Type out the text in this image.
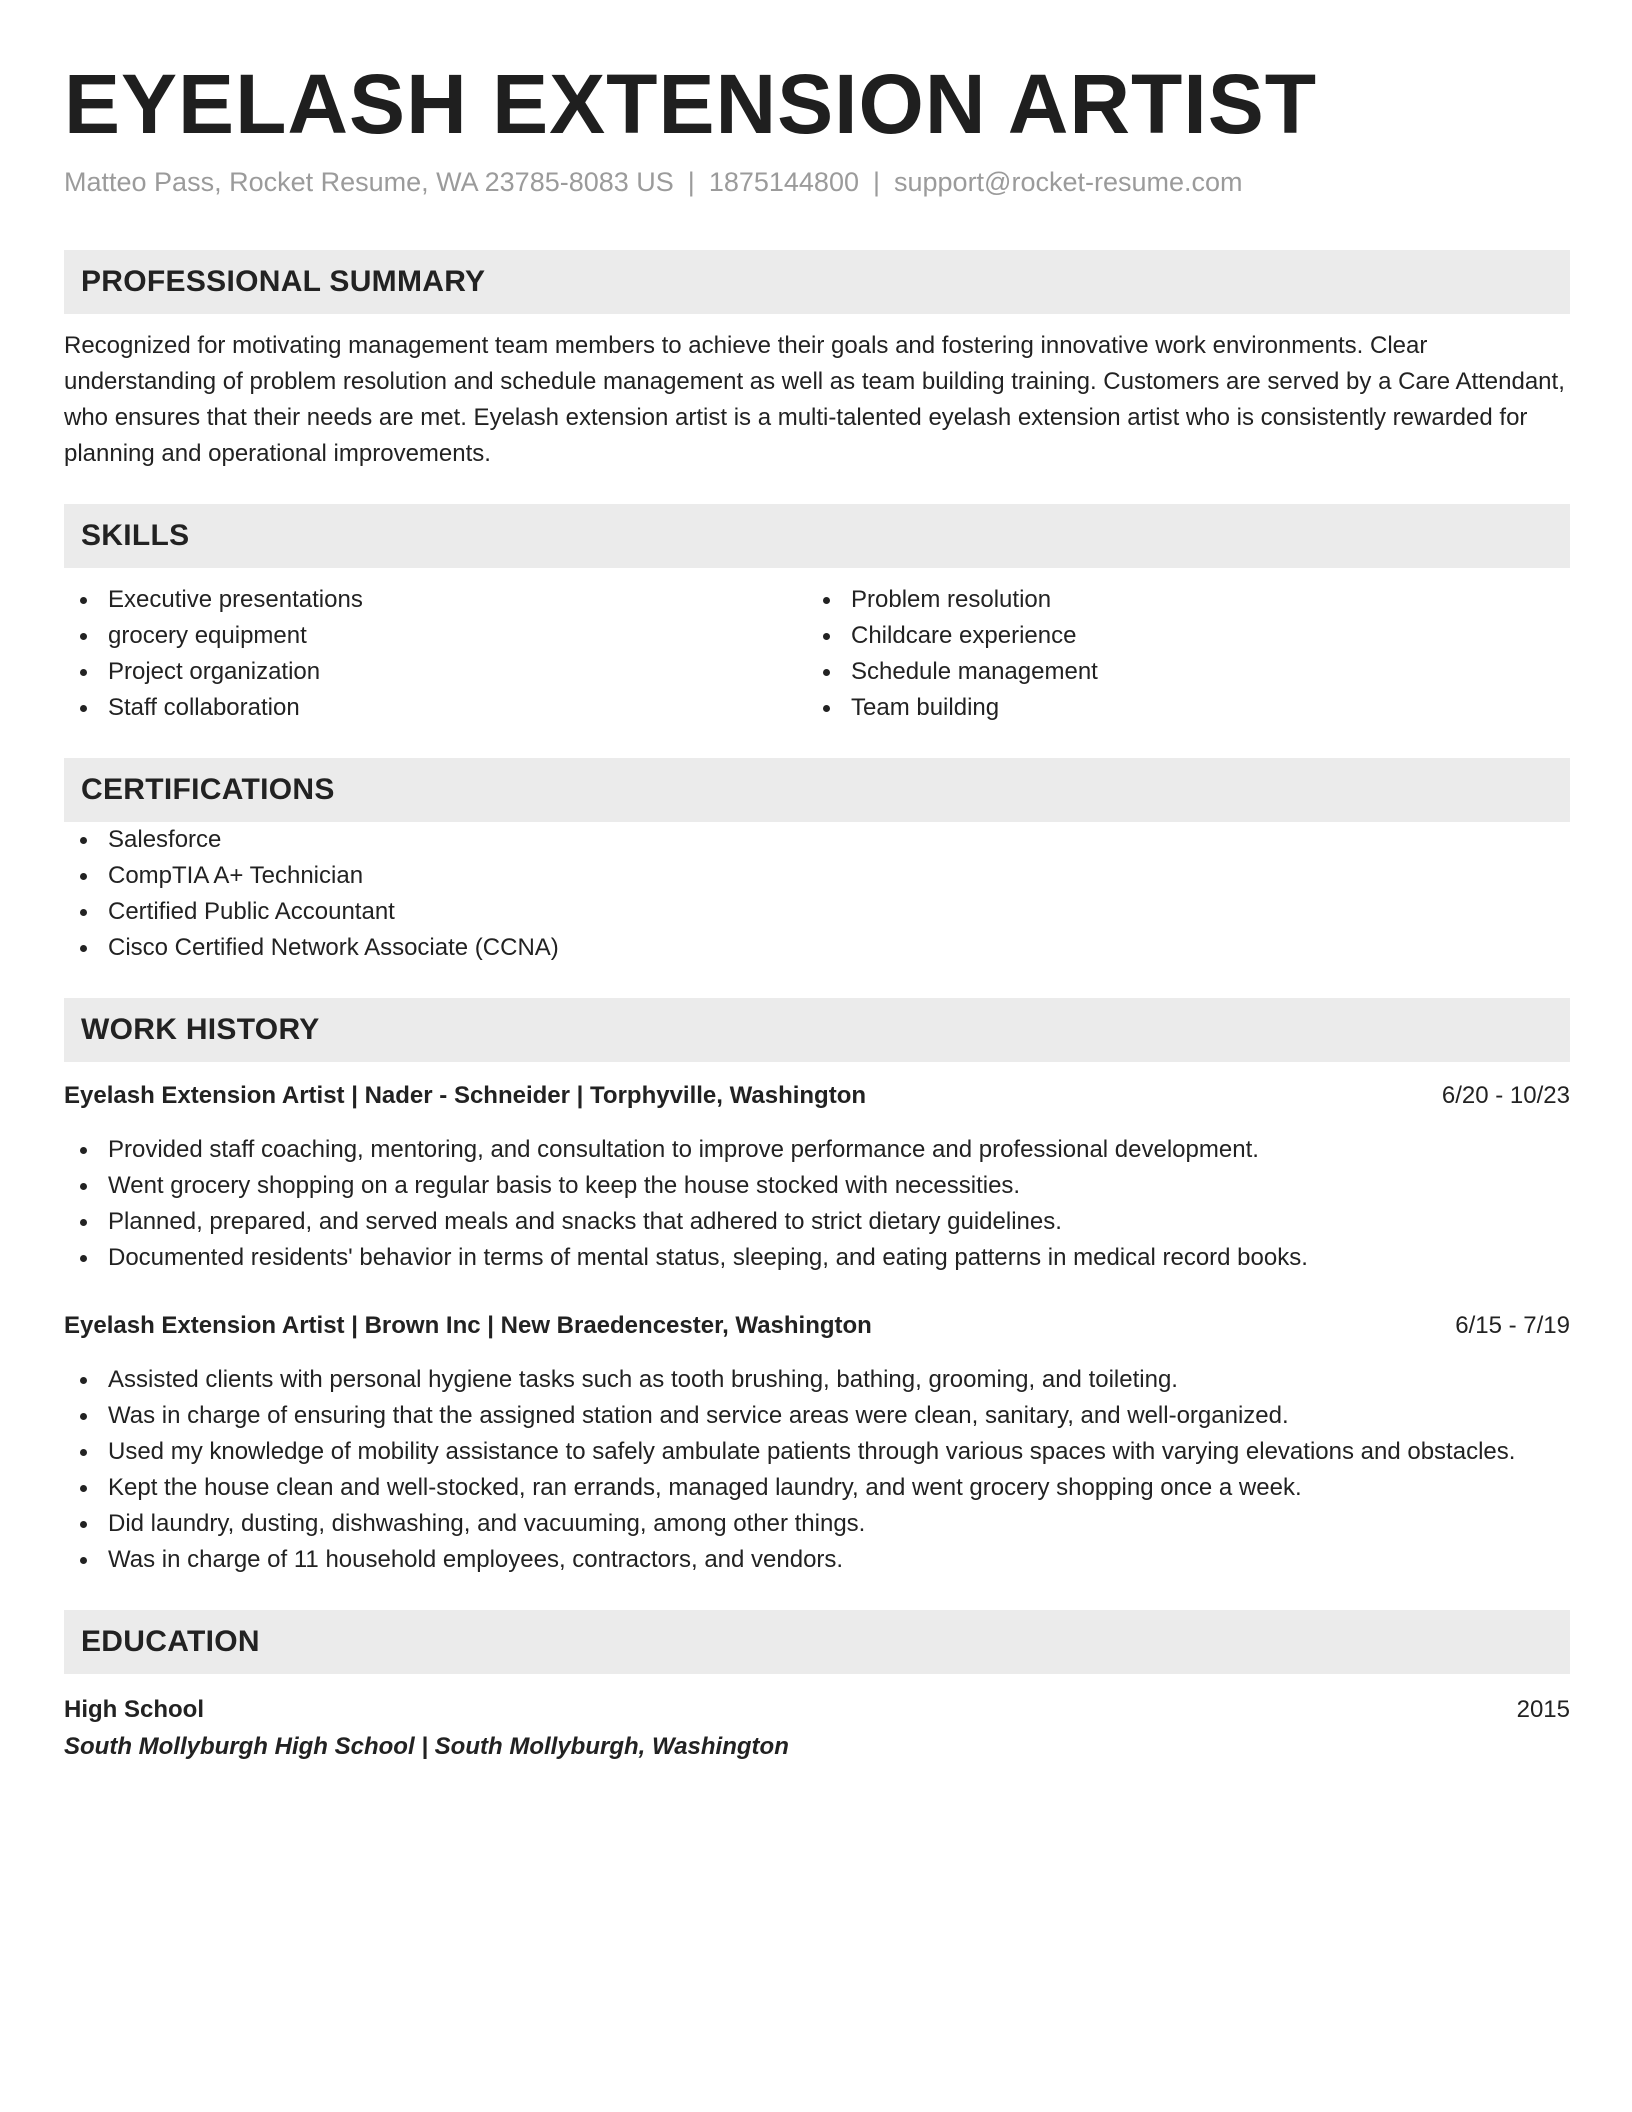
EYELASH EXTENSION ARTIST
Matteo Pass, Rocket Resume, WA 23785-8083 US | 1875144800 | support@rocket-resume.com
PROFESSIONAL SUMMARY
Recognized for motivating management team members to achieve their goals and fostering innovative work environments. Clear understanding of problem resolution and schedule management as well as team building training. Customers are served by a Care Attendant, who ensures that their needs are met. Eyelash extension artist is a multi-talented eyelash extension artist who is consistently rewarded for planning and operational improvements.
SKILLS
Executive presentations
grocery equipment
Project organization
Staff collaboration
Problem resolution
Childcare experience
Schedule management
Team building
CERTIFICATIONS
Salesforce
CompTIA A+ Technician
Certified Public Accountant
Cisco Certified Network Associate (CCNA)
WORK HISTORY
Eyelash Extension Artist | Nader - Schneider | Torphyville, Washington	6/20 - 10/23
Provided staff coaching, mentoring, and consultation to improve performance and professional development.
Went grocery shopping on a regular basis to keep the house stocked with necessities.
Planned, prepared, and served meals and snacks that adhered to strict dietary guidelines.
Documented residents' behavior in terms of mental status, sleeping, and eating patterns in medical record books.
Eyelash Extension Artist | Brown Inc | New Braedencester, Washington	6/15 - 7/19
Assisted clients with personal hygiene tasks such as tooth brushing, bathing, grooming, and toileting.
Was in charge of ensuring that the assigned station and service areas were clean, sanitary, and well-organized.
Used my knowledge of mobility assistance to safely ambulate patients through various spaces with varying elevations and obstacles.
Kept the house clean and well-stocked, ran errands, managed laundry, and went grocery shopping once a week.
Did laundry, dusting, dishwashing, and vacuuming, among other things.
Was in charge of 11 household employees, contractors, and vendors.
EDUCATION
High School	2015
South Mollyburgh High School | South Mollyburgh, Washington
